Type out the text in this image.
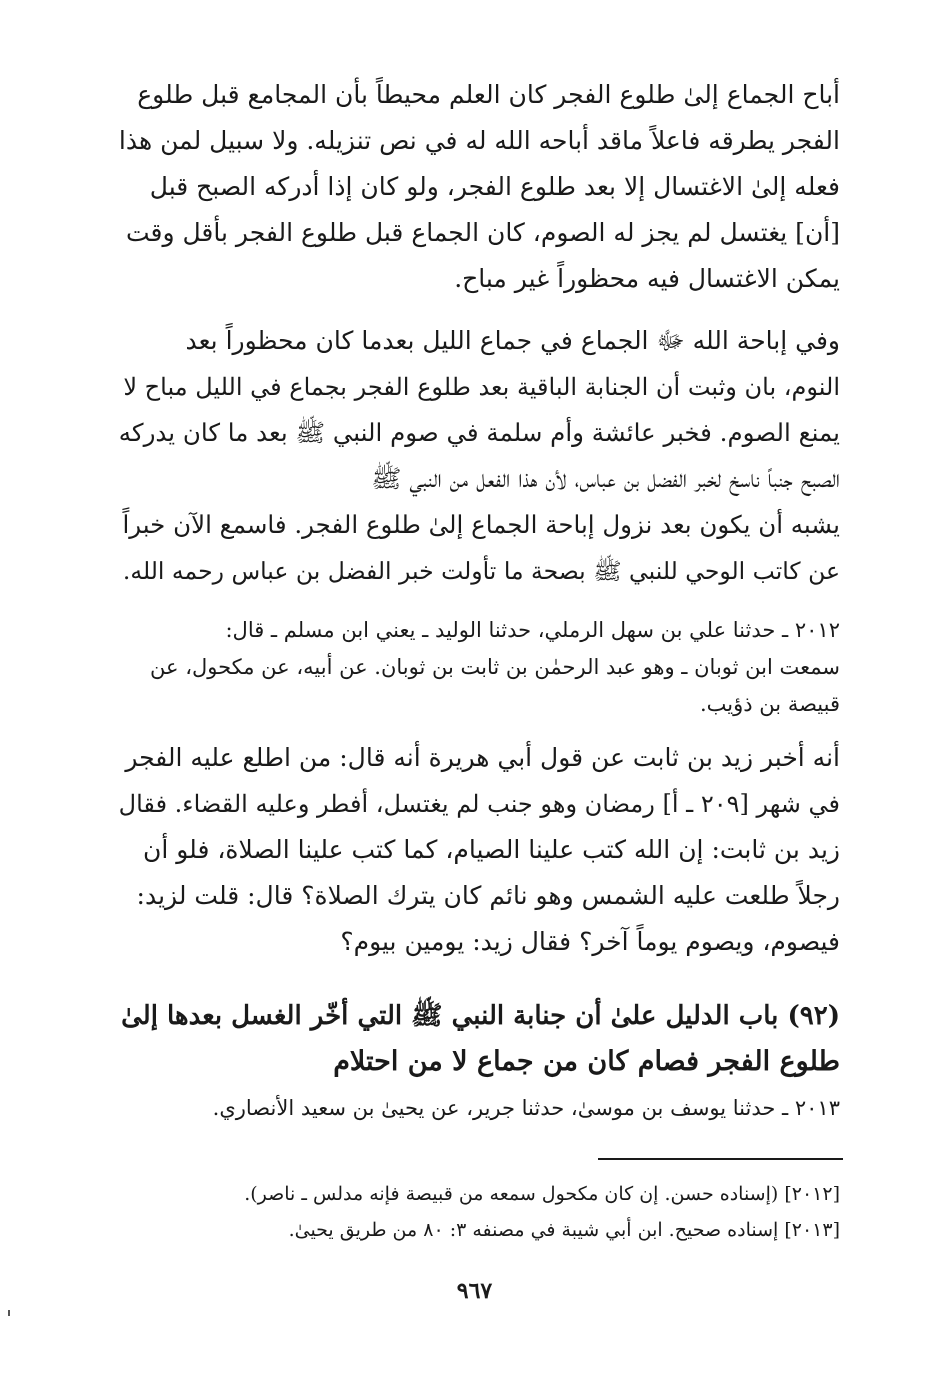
أباح الجماع إلىٰ طلوع الفجر كان العلم محيطاً بأن المجامع قبل طلوع
الفجر يطرقه فاعلاً ماقد أباحه الله له في نص تنزيله. ولا سبيل لمن هذا
فعله إلىٰ الاغتسال إلا بعد طلوع الفجر، ولو كان إذا أدركه الصبح قبل
[أن] يغتسل لم يجز له الصوم، كان الجماع قبل طلوع الفجر بأقل وقت
يمكن الاغتسال فيه محظوراً غير مباح.
وفي إباحة الله ﷻ الجماع في جماع الليل بعدما كان محظوراً بعد
النوم، بان وثبت أن الجنابة الباقية بعد طلوع الفجر بجماع في الليل مباح لا
يمنع الصوم. فخبر عائشة وأم سلمة في صوم النبي ﷺ بعد ما كان يدركه
الصبح جنباً ناسخ لخبر الفضل بن عباس، لأن هذا الفعل من النبي ﷺ
يشبه أن يكون بعد نزول إباحة الجماع إلىٰ طلوع الفجر. فاسمع الآن خبراً
عن كاتب الوحي للنبي ﷺ بصحة ما تأولت خبر الفضل بن عباس رحمه الله.
٢٠١٢ ـ حدثنا علي بن سهل الرملي، حدثنا الوليد ـ يعني ابن مسلم ـ قال:
سمعت ابن ثوبان ـ وهو عبد الرحمٰن بن ثابت بن ثوبان. عن أبيه، عن مكحول، عن
قبيصة بن ذؤيب.
أنه أخبر زيد بن ثابت عن قول أبي هريرة أنه قال: من اطلع عليه الفجر
في شهر [٢٠٩ ـ أ] رمضان وهو جنب لم يغتسل، أفطر وعليه القضاء. فقال
زيد بن ثابت: إن الله كتب علينا الصيام، كما كتب علينا الصلاة، فلو أن
رجلاً طلعت عليه الشمس وهو نائم كان يترك الصلاة؟ قال: قلت لزيد:
فيصوم، ويصوم يوماً آخر؟ فقال زيد: يومين بيوم؟
(٩٢) باب الدليل علىٰ أن جنابة النبي ﷺ التي أخّر الغسل بعدها إلىٰ
طلوع الفجر فصام كان من جماع لا من احتلام
٢٠١٣ ـ حدثنا يوسف بن موسىٰ، حدثنا جرير، عن يحيىٰ بن سعيد الأنصاري.
[٢٠١٢] (إسناده حسن. إن كان مكحول سمعه من قبيصة فإنه مدلس ـ ناصر).
[٢٠١٣] إسناده صحيح. ابن أبي شيبة في مصنفه ٣: ٨٠ من طريق يحيىٰ.
٩٦٧
